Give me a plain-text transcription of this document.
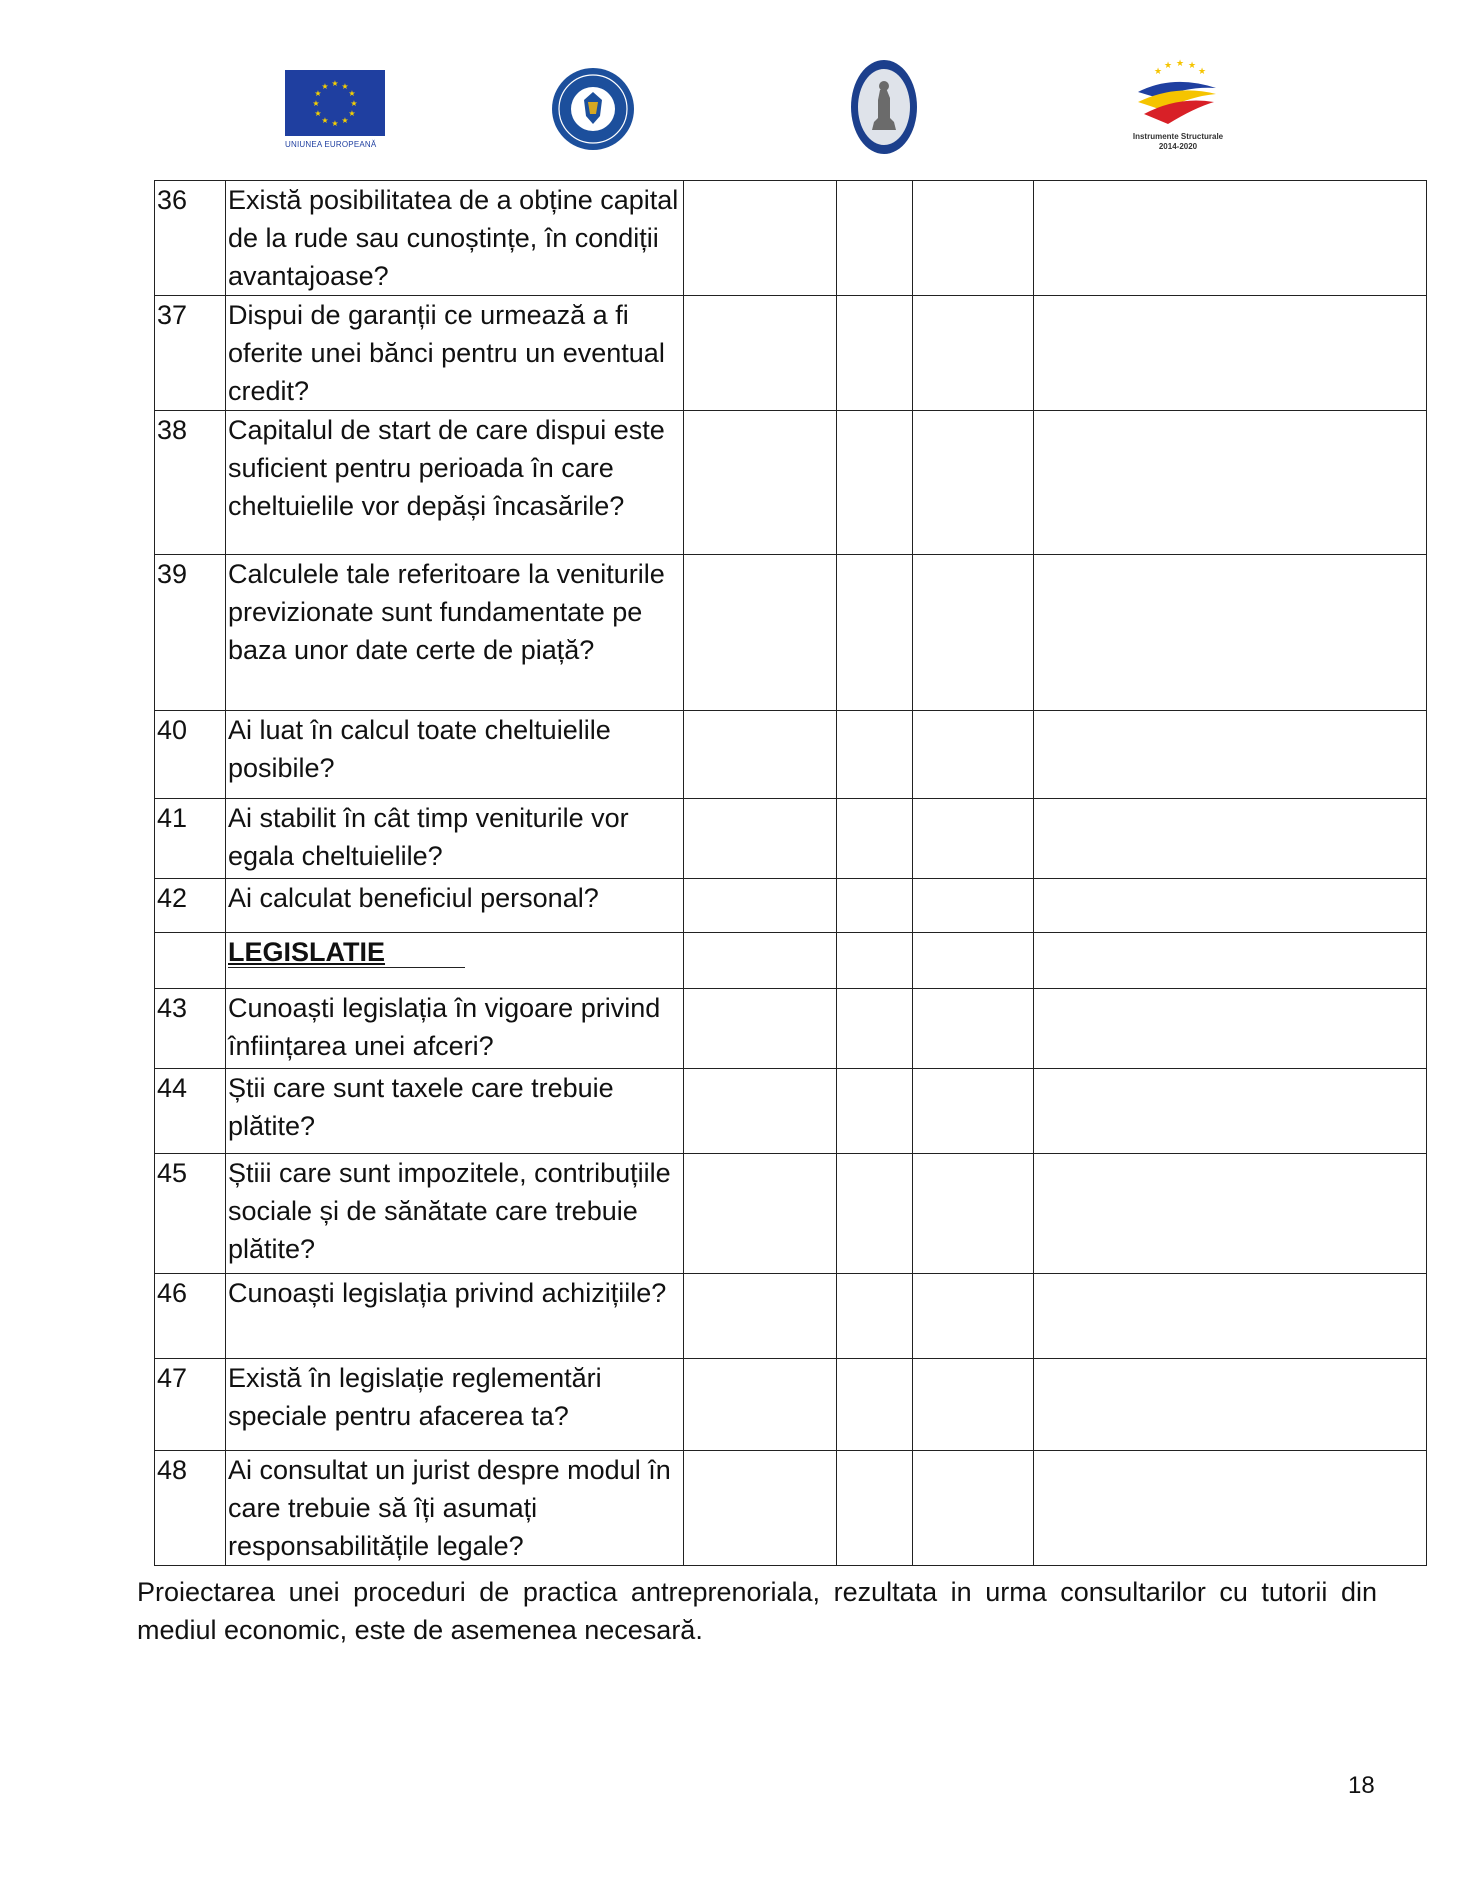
★ ★
★
★
★
★
★
★
★
★
★
★
UNIUNEA EUROPEANĂ
★ ★ ★
★	★
Instrumente Structurale
2014-2020
36	Există posibilitatea de a obține capital de la rude sau cunoștințe, în condiții avantajoase?				
37	Dispui de garanții ce urmează a fi oferite unei bănci pentru un eventual credit?				
38	Capitalul de start de care dispui este suficient pentru perioada în care cheltuielile vor depăși încasările?				
39	Calculele tale referitoare la veniturile previzionate sunt fundamentate pe baza unor date certe de piață?				
40	Ai luat în calcul toate cheltuielile posibile?				
41	Ai stabilit în cât timp veniturile vor egala cheltuielile?				
42	Ai calculat beneficiul personal?				
	LEGISLATIE				
43	Cunoaști legislația în vigoare privind înființarea unei afceri?				
44	Știi care sunt taxele care trebuie plătite?				
45	Știii care sunt impozitele, contribuțiile sociale și de sănătate care trebuie plătite?				
46	Cunoaști legislația privind achizițiile?				
47	Există în legislație reglementări speciale pentru afacerea ta?				
48	Ai consultat un jurist despre modul în care trebuie să îți asumați responsabilitățile legale?				
Proiectarea unei proceduri de practica antreprenoriala, rezultata in urma consultarilor cu tutorii din mediul economic, este de asemenea necesară.
18
